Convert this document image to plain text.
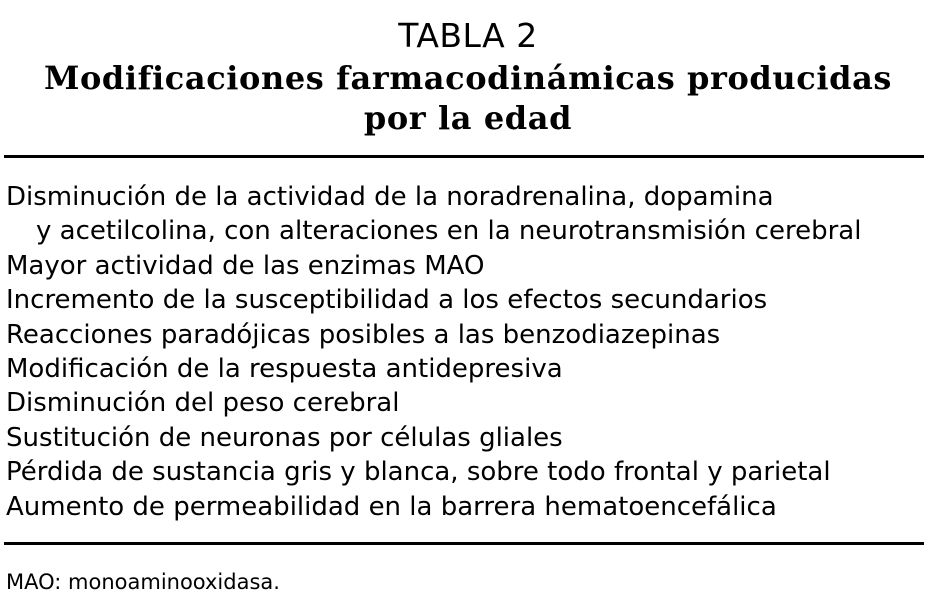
TABLA 2
Modificaciones farmacodinámicas producidas
por la edad
Disminución de la actividad de la noradrenalina, dopamina
y acetilcolina, con alteraciones en la neurotransmisión cerebral
Mayor actividad de las enzimas MAO
Incremento de la susceptibilidad a los efectos secundarios
Reacciones paradójicas posibles a las benzodiazepinas
Modificación de la respuesta antidepresiva
Disminución del peso cerebral
Sustitución de neuronas por células gliales
Pérdida de sustancia gris y blanca, sobre todo frontal y parietal
Aumento de permeabilidad en la barrera hematoencefálica
MAO: monoaminooxidasa.
